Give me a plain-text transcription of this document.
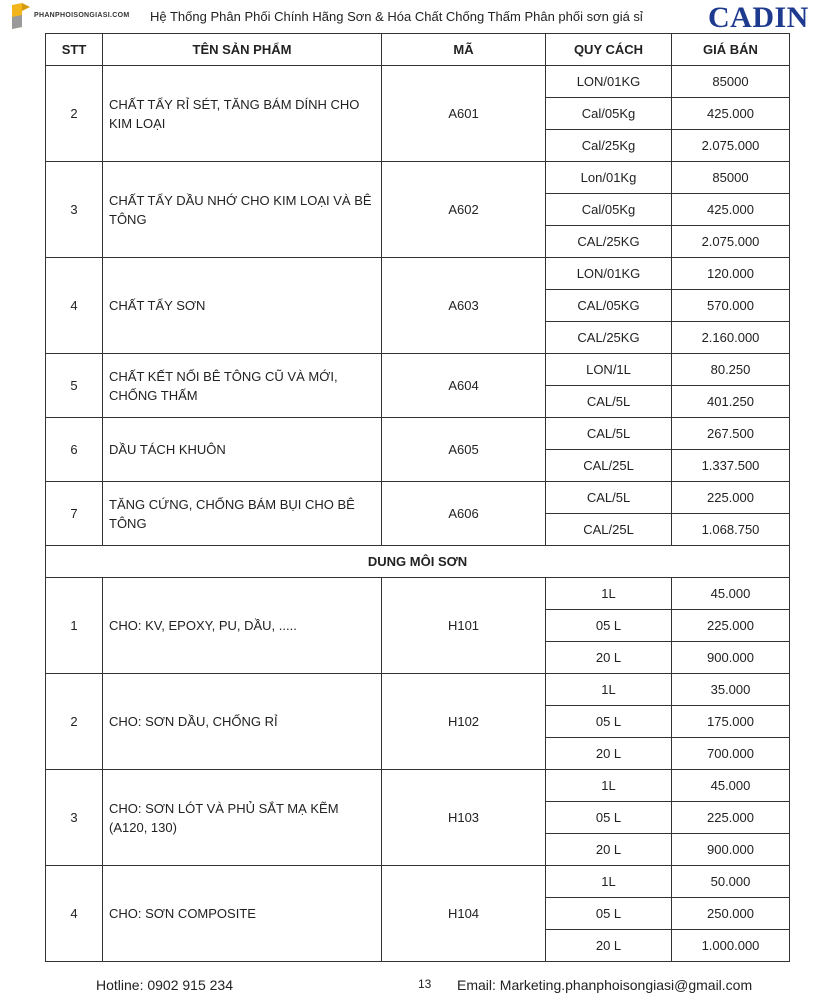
PHANPHOISONGIASI.COM Hệ Thống Phân Phối Chính Hãng Sơn & Hóa Chất Chống Thấm Phân phối sơn giá sỉ CADIN
STT	TÊN SẢN PHẨM	MÃ	QUY CÁCH	GIÁ BÁN
2	CHẤT TẨY RỈ SÉT, TĂNG BÁM DÍNH CHO KIM LOẠI	A601	LON/01KG	85000
			Cal/05Kg	425.000
			Cal/25Kg	2.075.000
3	CHẤT TẨY DẦU NHỚ CHO KIM LOẠI VÀ BÊ TÔNG	A602	Lon/01Kg	85000
			Cal/05Kg	425.000
			CAL/25KG	2.075.000
4	CHẤT TẨY SƠN	A603	LON/01KG	120.000
			CAL/05KG	570.000
			CAL/25KG	2.160.000
5	CHẤT KẾT NỐI BÊ TÔNG CŨ VÀ MỚI, CHỐNG THẤM	A604	LON/1L	80.250
			CAL/5L	401.250
6	DẦU TÁCH KHUÔN	A605	CAL/5L	267.500
			CAL/25L	1.337.500
7	TĂNG CỨNG, CHỐNG BÁM BỤI CHO BÊ TÔNG	A606	CAL/5L	225.000
			CAL/25L	1.068.750
DUNG MÔI SƠN				
1	CHO: KV, EPOXY, PU, DẦU, .....	H101	1L	45.000
			05 L	225.000
			20 L	900.000
2	CHO: SƠN DẦU, CHỐNG RỈ	H102	1L	35.000
			05 L	175.000
			20 L	700.000
3	CHO: SƠN LÓT VÀ PHỦ SẮT MẠ KẼM (A120, 130)	H103	1L	45.000
			05 L	225.000
			20 L	900.000
4	CHO: SƠN COMPOSITE	H104	1L	50.000
			05 L	250.000
			20 L	1.000.000
Hotline: 0902 915 234	13 Email: Marketing.phanphoisongiasi@gmail.com
